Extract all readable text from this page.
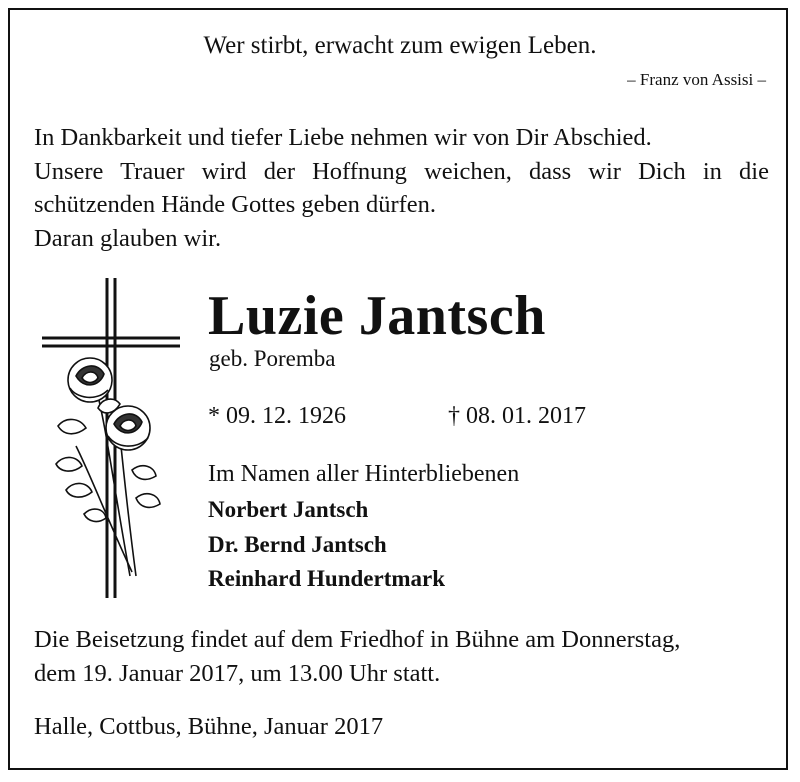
Wer stirbt, erwacht zum ewigen Leben.
– Franz von Assisi –
In Dankbarkeit und tiefer Liebe nehmen wir von Dir Abschied.
Unsere Trauer wird der Hoffnung weichen, dass wir Dich in die
schützenden Hände Gottes geben dürfen.
Daran glauben wir.
Luzie Jantsch
geb. Poremba
* 09. 12. 1926	† 08. 01. 2017
Im Namen aller Hinterbliebenen
Norbert Jantsch
Dr. Bernd Jantsch
Reinhard Hundertmark
Die Beisetzung findet auf dem Friedhof in Bühne am Donnerstag,
dem 19. Januar 2017, um 13.00 Uhr statt.
Halle, Cottbus, Bühne, Januar 2017
